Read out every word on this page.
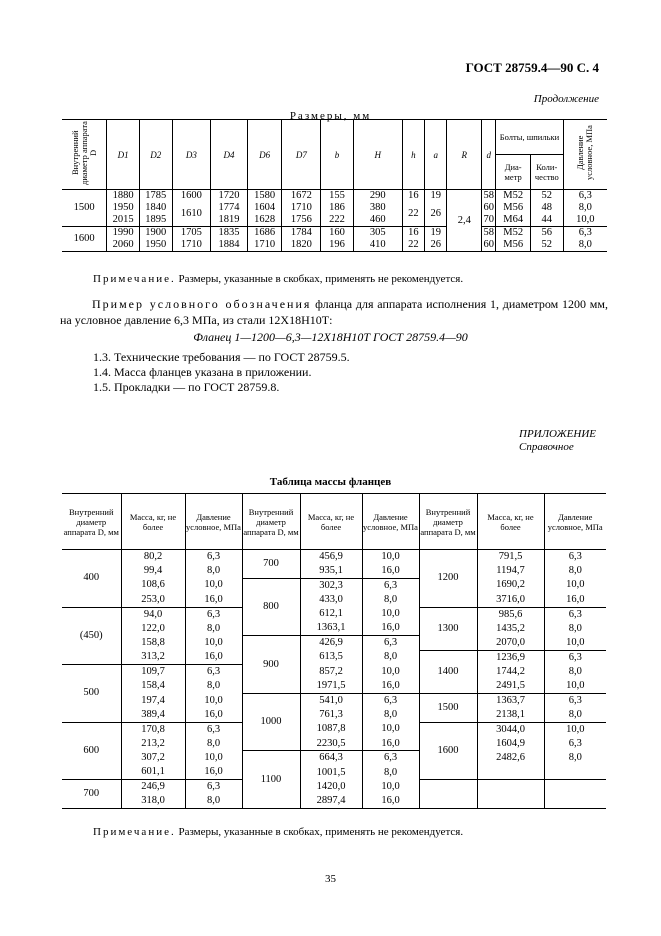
ГОСТ 28759.4—90 С. 4
Продолжение
Размеры, мм
Внутренний диаметр аппарата D	D1	D2	D3	D4	D6	D7	b	H	h	a	R	d	Болты, шпильки		Давление условное, МПа
													Диа-метр	Коли-чество	
1500	1880	1785	1600	1720	1580	1672	155	290	16	19	2,4	58	M52	52	6,3
	1950	1840	1610	1774	1604	1710	186	380	22	26		60	M56	48	8,0
	2015	1895		1819	1628	1756	222	460				70	M64	44	10,0
1600	1990	1900	1705	1835	1686	1784	160	305	16	19		58	M52	56	6,3
	2060	1950	1710	1884	1710	1820	196	410	22	26		60	M56	52	8,0
Примечание. Размеры, указанные в скобках, применять не рекомендуется.
Пример условного обозначения фланца для аппарата исполнения 1, диаметром 1200 мм, на условное давление 6,3 МПа, из стали 12Х18Н10Т:
Фланец 1—1200—6,3—12Х18Н10Т ГОСТ 28759.4—90
1.3. Технические требования — по ГОСТ 28759.5.
1.4. Масса фланцев указана в приложении.
1.5. Прокладки — по ГОСТ 28759.8.
ПРИЛОЖЕНИЕ
Справочное
Таблица массы фланцев
Внутренний диаметр аппарата D, мм	Масса, кг, не более	Давление условное, МПа	Внутренний диаметр аппарата D, мм	Масса, кг, не более	Давление условное, МПа	Внутренний диаметр аппарата D, мм	Масса, кг, не более	Давление условное, МПа
400	80,2	6,3	700	456,9	10,0	1200	791,5	6,3
	99,4	8,0		935,1	16,0		1194,7	8,0
	108,6	10,0	800	302,3	6,3		1690,2	10,0
	253,0	16,0		433,0	8,0		3716,0	16,0
(450)	94,0	6,3		612,1	10,0	1300	985,6	6,3
	122,0	8,0		1363,1	16,0		1435,2	8,0
	158,8	10,0	900	426,9	6,3		2070,0	10,0
	313,2	16,0		613,5	8,0	1400	1236,9	6,3
500	109,7	6,3		857,2	10,0		1744,2	8,0
	158,4	8,0		1971,5	16,0		2491,5	10,0
	197,4	10,0	1000	541,0	6,3	1500	1363,7	6,3
	389,4	16,0		761,3	8,0		2138,1	8,0
600	170,8	6,3		1087,8	10,0	1600	3044,0	10,0
	213,2	8,0		2230,5	16,0		1604,9	6,3
	307,2	10,0	1100	664,3	6,3		2482,6	8,0
	601,1	16,0		1001,5	8,0			
700	246,9	6,3		1420,0	10,0			
	318,0	8,0		2897,4	16,0			
Примечание. Размеры, указанные в скобках, применять не рекомендуется.
35
